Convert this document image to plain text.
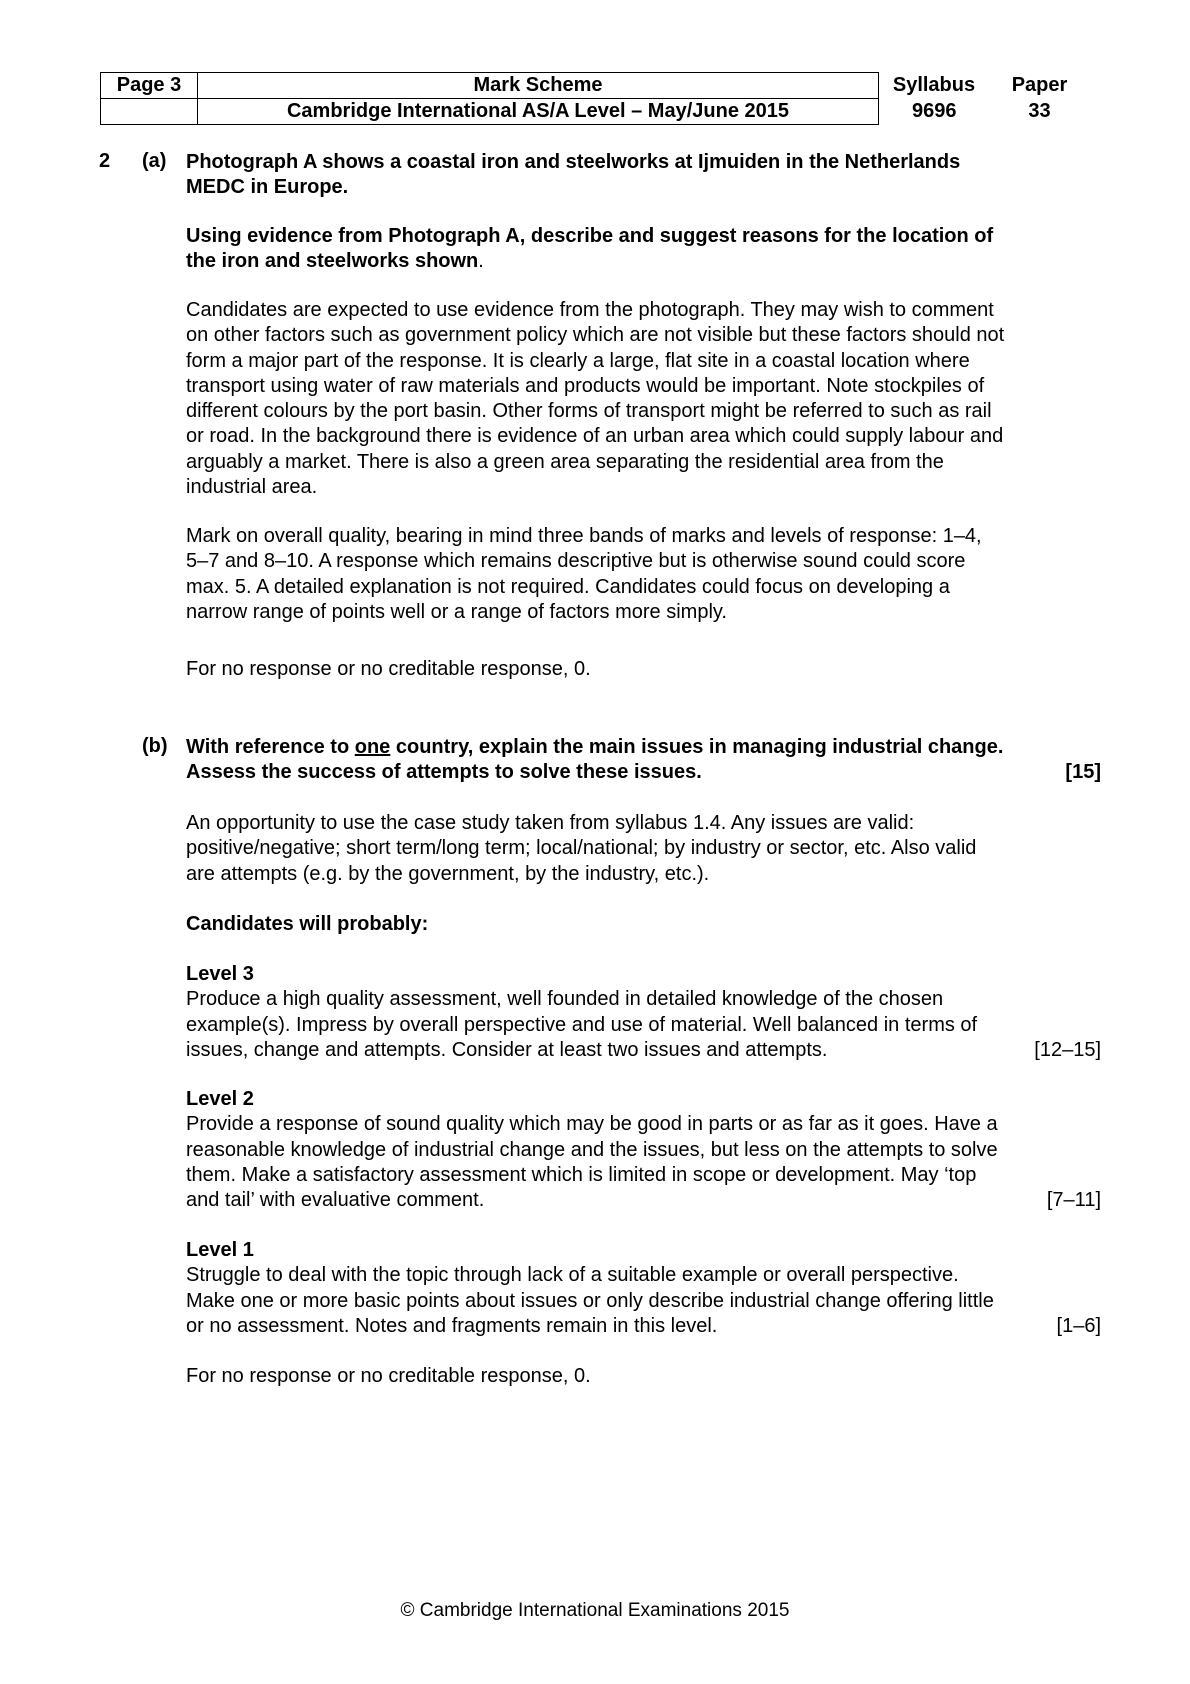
Page 3	Mark Scheme	Syllabus	Paper
	Cambridge International AS/A Level – May/June 2015	9696	33
2 (a) Photograph A shows a coastal iron and steelworks at Ijmuiden in the Netherlands

MEDC in Europe.

Using evidence from Photograph A, describe and suggest reasons for the location of

the iron and steelworks shown.

Candidates are expected to use evidence from the photograph. They may wish to comment

on other factors such as government policy which are not visible but these factors should not

form a major part of the response. It is clearly a large, flat site in a coastal location where

transport using water of raw materials and products would be important. Note stockpiles of

different colours by the port basin. Other forms of transport might be referred to such as rail

or road. In the background there is evidence of an urban area which could supply labour and

arguably a market. There is also a green area separating the residential area from the

industrial area.

Mark on overall quality, bearing in mind three bands of marks and levels of response: 1–4,

5–7 and 8–10. A response which remains descriptive but is otherwise sound could score

max. 5. A detailed explanation is not required. Candidates could focus on developing a

narrow range of points well or a range of factors more simply.

For no response or no creditable response, 0.
(b) With reference to one country, explain the main issues in managing industrial change.

Assess the success of attempts to solve these issues.	[15]

An opportunity to use the case study taken from syllabus 1.4. Any issues are valid:

positive/negative; short term/long term; local/national; by industry or sector, etc. Also valid

are attempts (e.g. by the government, by the industry, etc.).

Candidates will probably:

Level 3

Produce a high quality assessment, well founded in detailed knowledge of the chosen

example(s). Impress by overall perspective and use of material. Well balanced in terms of

issues, change and attempts. Consider at least two issues and attempts.	[12–15]

Level 2

Provide a response of sound quality which may be good in parts or as far as it goes. Have a

reasonable knowledge of industrial change and the issues, but less on the attempts to solve

them. Make a satisfactory assessment which is limited in scope or development. May ‘top

and tail’ with evaluative comment.	[7–11]

Level 1

Struggle to deal with the topic through lack of a suitable example or overall perspective.

Make one or more basic points about issues or only describe industrial change offering little

or no assessment. Notes and fragments remain in this level.	[1–6]

For no response or no creditable response, 0.
© Cambridge International Examinations 2015
